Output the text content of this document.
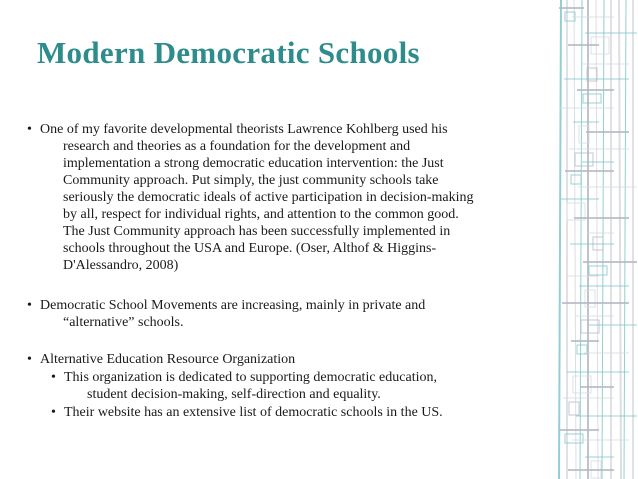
Modern Democratic Schools
• One of my favorite developmental theorists Lawrence Kohlberg used his
research and theories as a foundation for the development and
implementation a strong democratic education intervention: the Just
Community approach. Put simply, the just community schools take
seriously the democratic ideals of active participation in decision-making
by all, respect for individual rights, and attention to the common good.
The Just Community approach has been successfully implemented in
schools throughout the USA and Europe. (Oser, Althof & Higgins-
D'Alessandro, 2008)
• Democratic School Movements are increasing, mainly in private and
“alternative” schools.
• Alternative Education Resource Organization
• This organization is dedicated to supporting democratic education,
student decision-making, self-direction and equality.
• Their website has an extensive list of democratic schools in the US.
